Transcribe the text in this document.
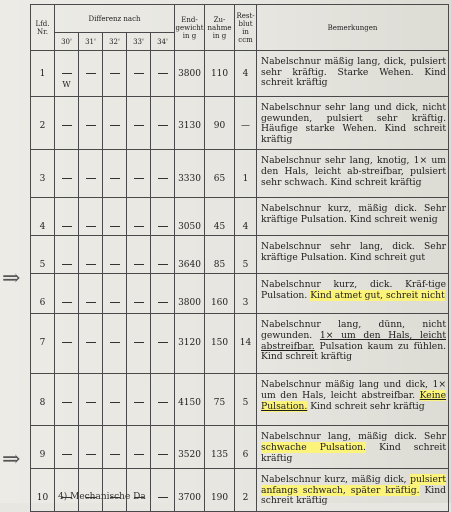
⇒
⇒
Lfd. Nr.	Differenz nach					End-gewicht in g	Zu-nahme in g	Rest-blut in ccm	Bemerkungen
	30'	31'	32'	33'	34'				
1	W					3800	110	4	Nabelschnur mäßig lang, dick, pulsiert sehr kräftig. Starke Wehen. Kind schreit kräftig
2						3130	90	—	Nabelschnur sehr lang und dick, nicht gewunden, pulsiert sehr kräftig. Häufige starke Wehen. Kind schreit kräftig
3						3330	65	1	Nabelschnur sehr lang, knotig, 1× um den Hals, leicht ab-streifbar, pulsiert sehr schwach. Kind schreit kräftig
4						3050	45	4	Nabelschnur kurz, mäßig dick. Sehr kräftige Pulsation. Kind schreit wenig
5						3640	85	5	Nabelschnur sehr lang, dick. Sehr kräftige Pulsation. Kind schreit gut
6						3800	160	3	Nabelschnur kurz, dick. Kräf-tige Pulsation. Kind atmet gut, schreit nicht
7						3120	150	14	Nabelschnur lang, dünn, nicht gewunden. 1× um den Hals, leicht abstreifbar. Pulsation kaum zu fühlen. Kind schreit kräftig
8						4150	75	5	Nabelschnur mäßig lang und dick, 1× um den Hals, leicht abstreifbar. Keine Pulsation. Kind schreit sehr kräftig
9						3520	135	6	Nabelschnur lang, mäßig dick. Sehr schwache Pulsation. Kind schreit kräftig
10						3700	190	2	Nabelschnur kurz, mäßig dick, pulsiert anfangs schwach, später kräftig. Kind schreit kräftig
4) Mechanische Da
